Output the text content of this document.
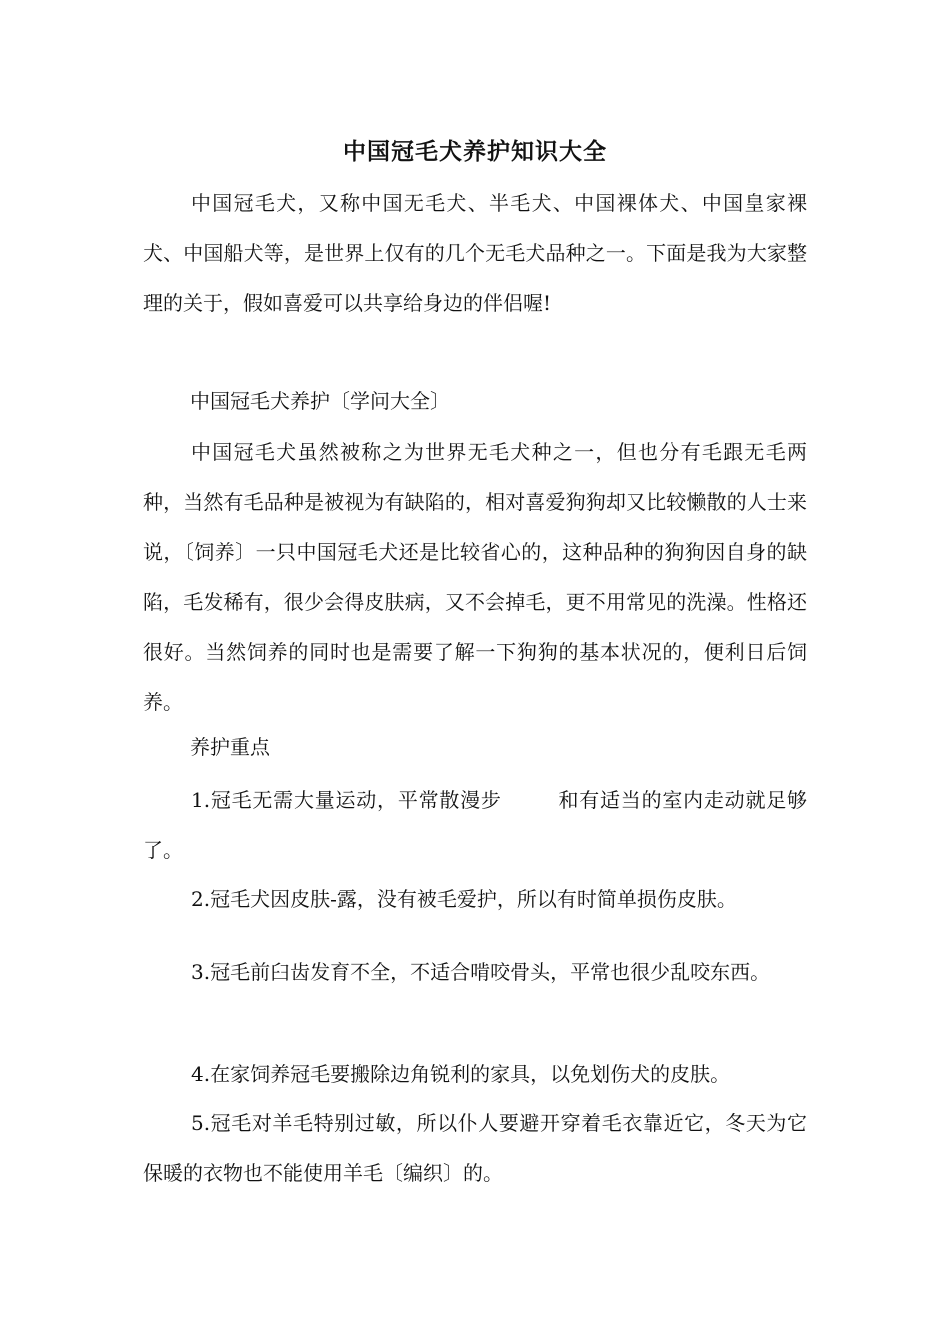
中国冠毛犬养护知识大全

中国冠毛犬，又称中国无毛犬、半毛犬、中国裸体犬、中国皇家裸犬、中国船犬等，是世界上仅有的几个无毛犬品种之一。下面是我为大家整理的关于，假如喜爱可以共享给身边的伴侣喔!

中国冠毛犬养护〔学问大全〕

中国冠毛犬虽然被称之为世界无毛犬种之一，但也分有毛跟无毛两种，当然有毛品种是被视为有缺陷的，相对喜爱狗狗却又比较懒散的人士来说，〔饲养〕一只中国冠毛犬还是比较省心的，这种品种的狗狗因自身的缺陷，毛发稀有，很少会得皮肤病，又不会掉毛，更不用常见的洗澡。性格还很好。当然饲养的同时也是需要了解一下狗狗的基本状况的，便利日后饲养。

养护重点

1.冠毛无需大量运动，平常散漫步	和有适当的室内走动就足够了。

2.冠毛犬因皮肤-露，没有被毛爱护，所以有时简单损伤皮肤。

3.冠毛前臼齿发育不全，不适合啃咬骨头，平常也很少乱咬东西。

4.在家饲养冠毛要搬除边角锐利的家具，以免划伤犬的皮肤。

5.冠毛对羊毛特别过敏，所以仆人要避开穿着毛衣靠近它，冬天为它保暖的衣物也不能使用羊毛〔编织〕的。
